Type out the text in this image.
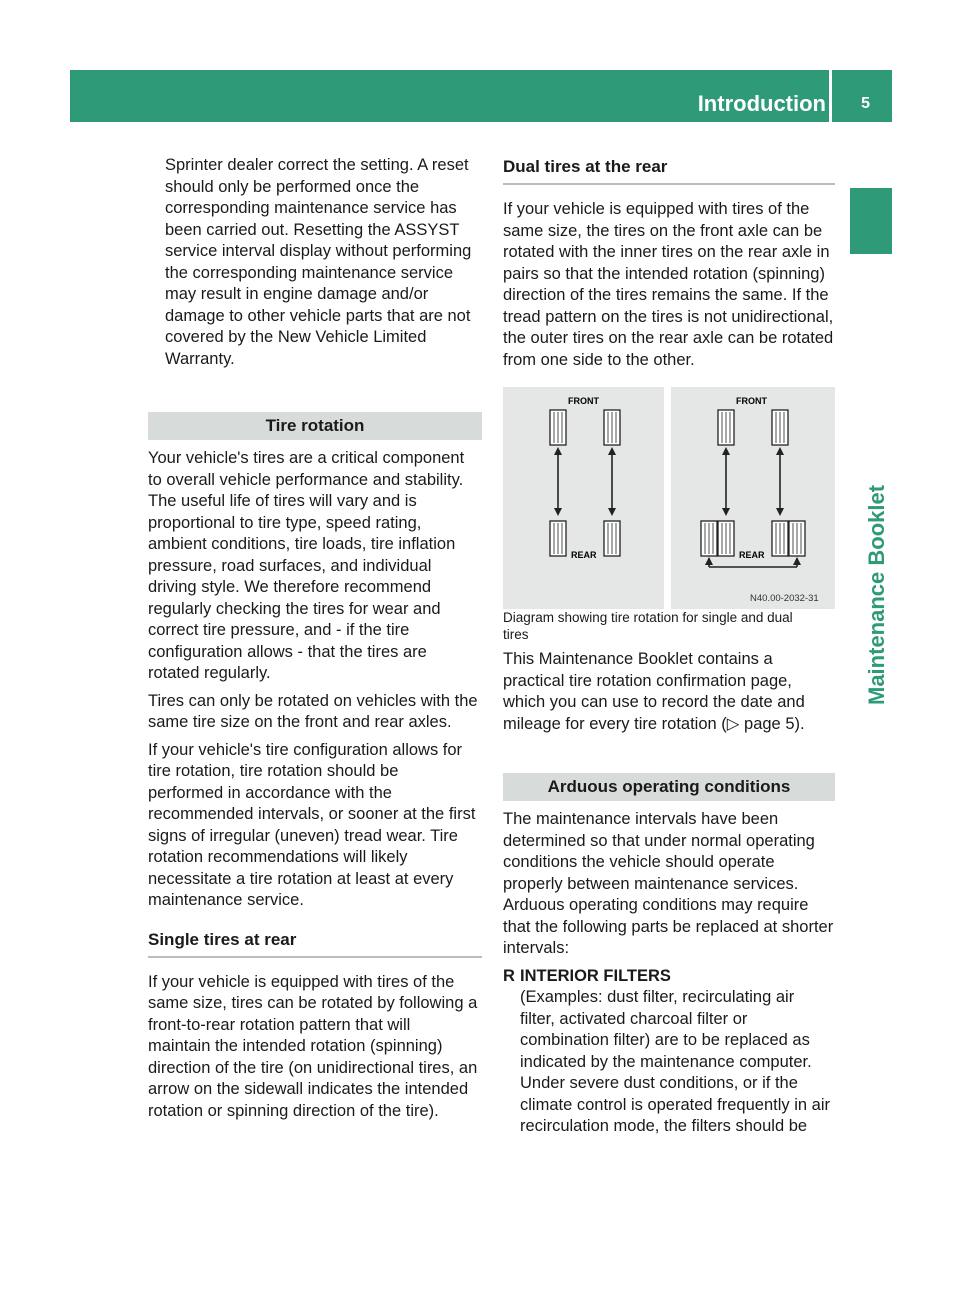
Introduction 5
Maintenance Booklet

Sprinter dealer correct the setting. A reset
should only be performed once the
corresponding maintenance service has
been carried out. Resetting the ASSYST
service interval display without performing
the corresponding maintenance service
may result in engine damage and/or
damage to other vehicle parts that are not
covered by the New Vehicle Limited
Warranty.

Tire rotation

Your vehicle's tires are a critical component
to overall vehicle performance and stability.
The useful life of tires will vary and is
proportional to tire type, speed rating,
ambient conditions, tire loads, tire inflation
pressure, road surfaces, and individual
driving style. We therefore recommend
regularly checking the tires for wear and
correct tire pressure, and - if the tire
configuration allows - that the tires are
rotated regularly.

Tires can only be rotated on vehicles with the
same tire size on the front and rear axles.

If your vehicle's tire configuration allows for
tire rotation, tire rotation should be
performed in accordance with the
recommended intervals, or sooner at the first
signs of irregular (uneven) tread wear. Tire
rotation recommendations will likely
necessitate a tire rotation at least at every
maintenance service.

Single tires at rear

If your vehicle is equipped with tires of the
same size, tires can be rotated by following a
front-to-rear rotation pattern that will
maintain the intended rotation (spinning)
direction of the tire (on unidirectional tires, an
arrow on the sidewall indicates the intended
rotation or spinning direction of the tire).

Dual tires at the rear

If your vehicle is equipped with tires of the
same size, the tires on the front axle can be
rotated with the inner tires on the rear axle in
pairs so that the intended rotation (spinning)
direction of the tires remains the same. If the
tread pattern on the tires is not unidirectional,
the outer tires on the rear axle can be rotated
from one side to the other.

FRONT
REAR
FRONT
REAR
N40.00-2032-31

Diagram showing tire rotation for single and dual
tires

This Maintenance Booklet contains a
practical tire rotation confirmation page,
which you can use to record the date and
mileage for every tire rotation (▷ page 5).

Arduous operating conditions

The maintenance intervals have been
determined so that under normal operating
conditions the vehicle should operate
properly between maintenance services.
Arduous operating conditions may require
that the following parts be replaced at shorter
intervals:

R INTERIOR FILTERS

(Examples: dust filter, recirculating air
filter, activated charcoal filter or
combination filter) are to be replaced as
indicated by the maintenance computer.
Under severe dust conditions, or if the
climate control is operated frequently in air
recirculation mode, the filters should be
